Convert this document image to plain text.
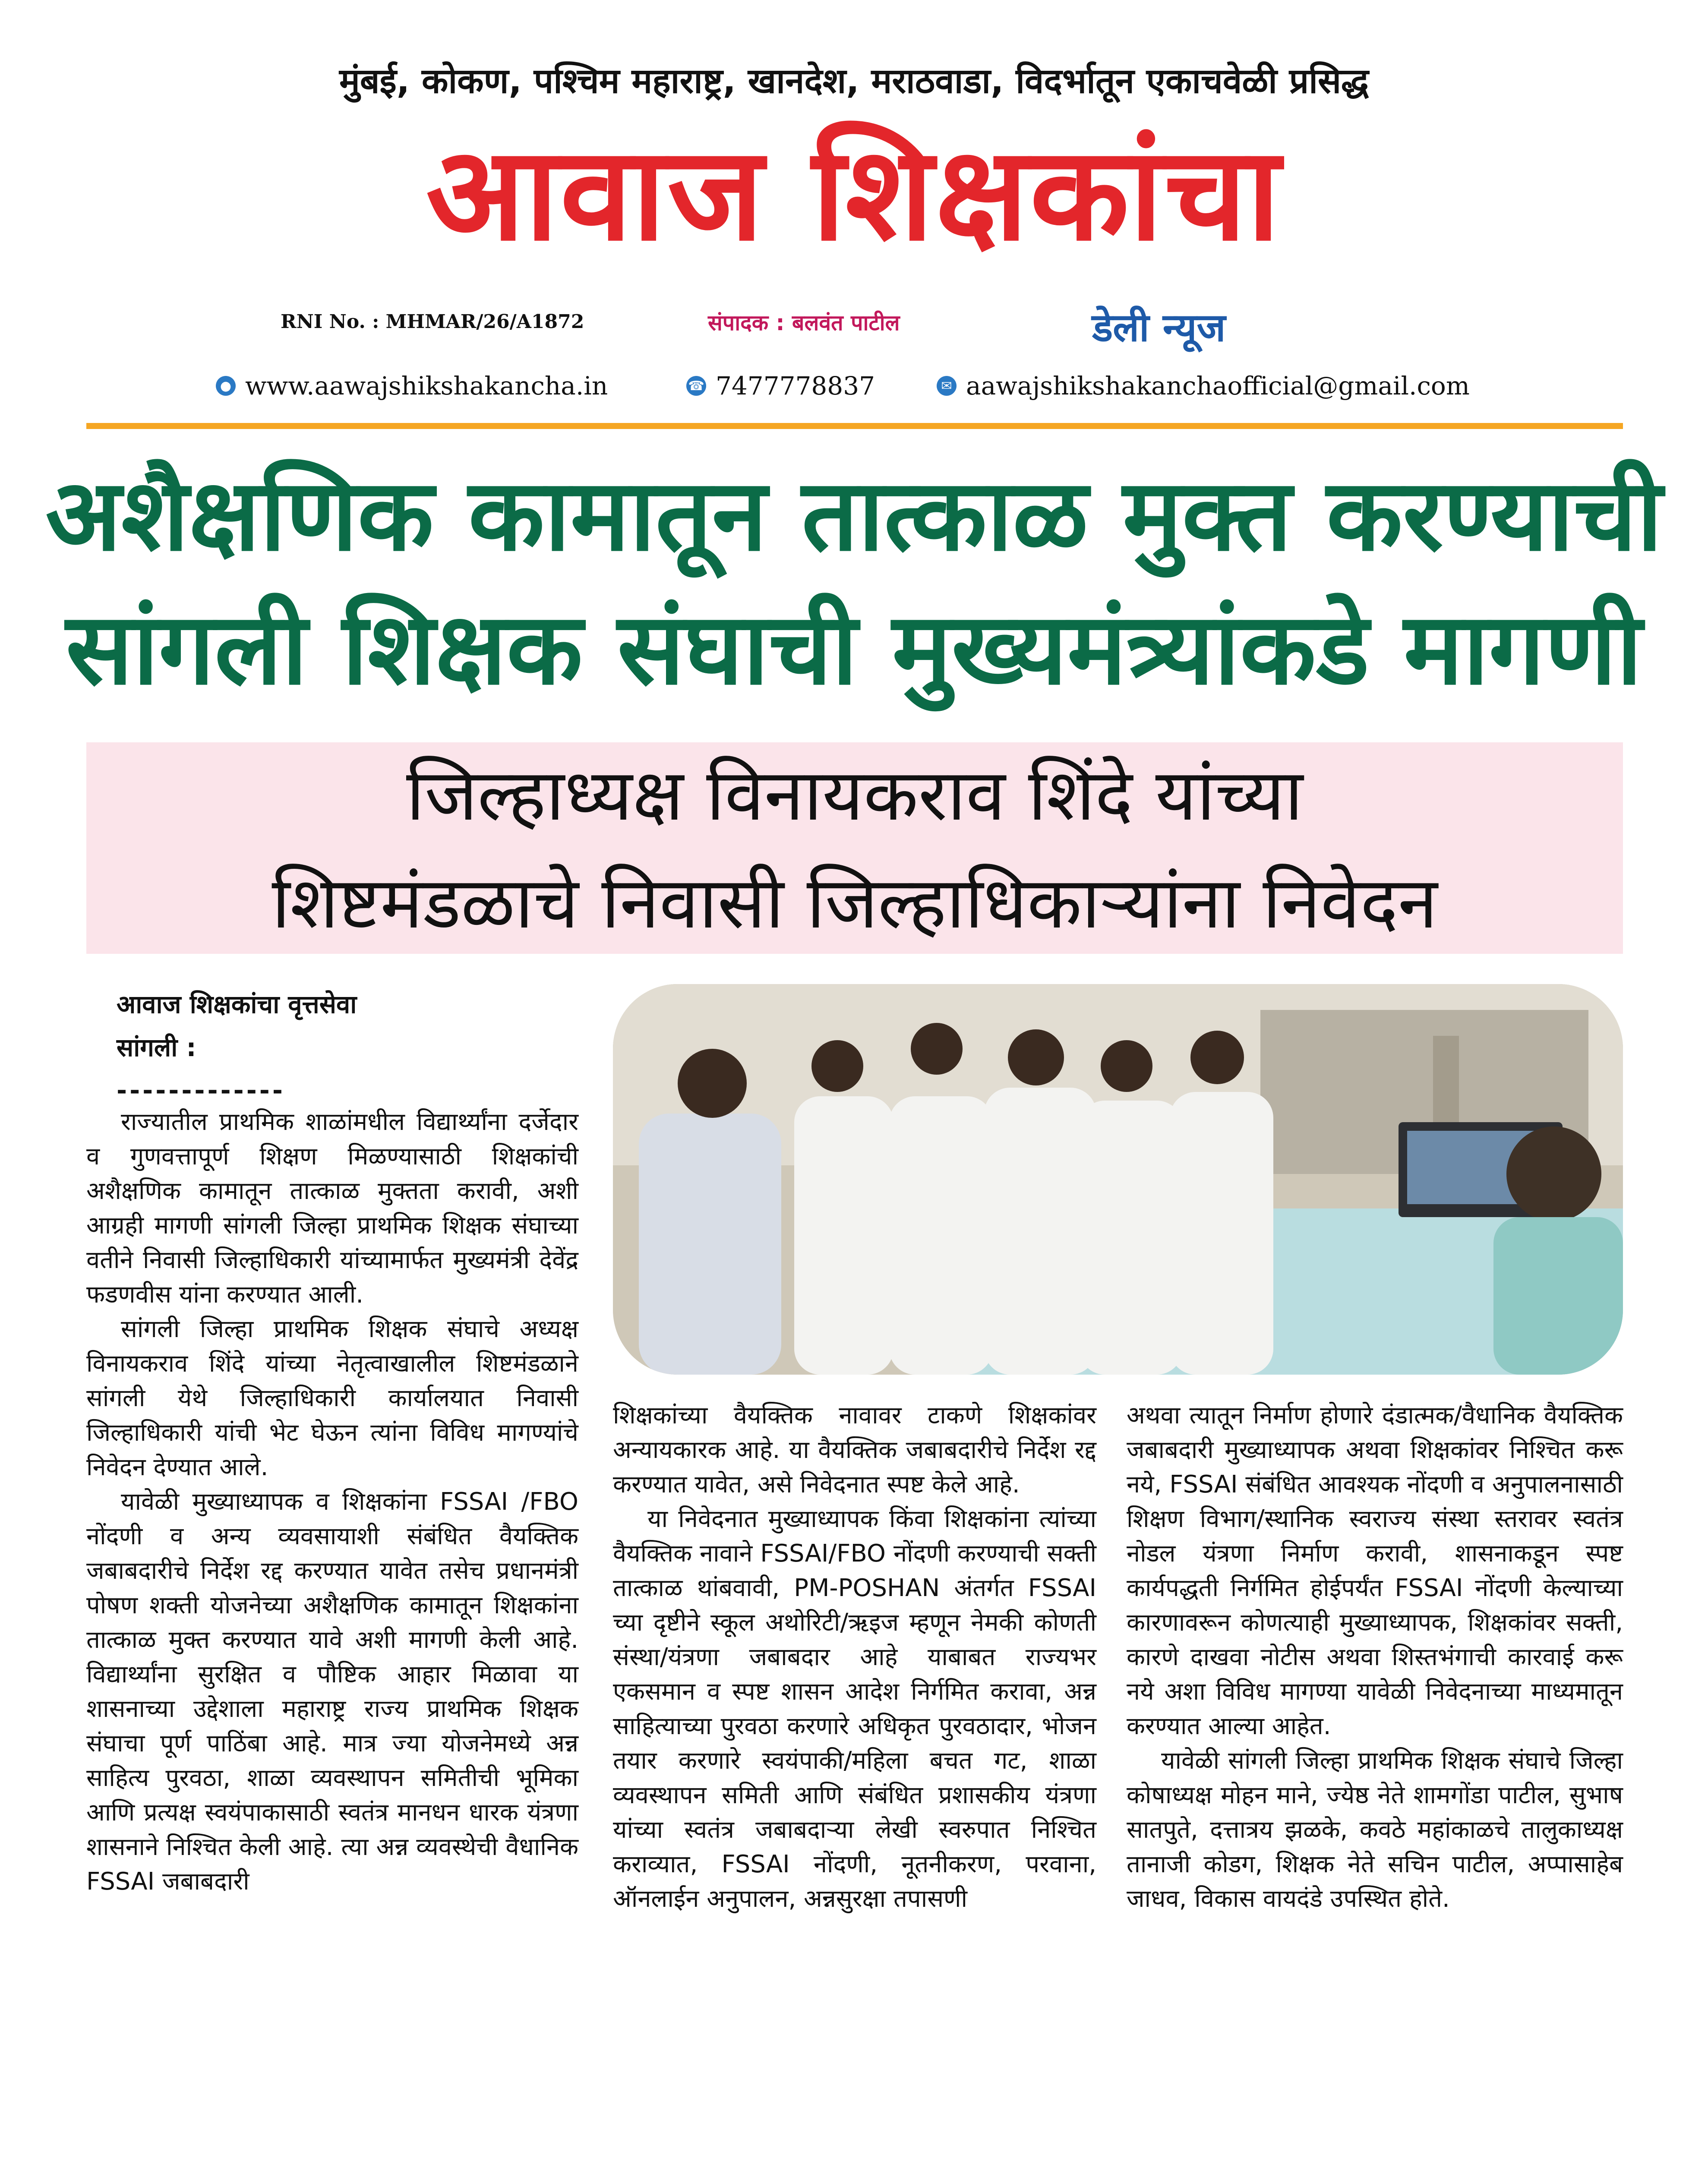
मुंबई, कोकण, पश्चिम महाराष्ट्र, खानदेश, मराठवाडा, विदर्भातून एकाचवेळी प्रसिद्ध
आवाज शिक्षकांचा
RNI No. : MHMAR/26/A1872	संपादक : बलवंत पाटील	डेली न्यूज
● www.aawajshikshakancha.in	☎ 7477778837	✉ aawajshikshakanchaofficial@gmail.com
अशैक्षणिक कामातून तात्काळ मुक्त करण्याची
सांगली शिक्षक संघाची मुख्यमंत्र्यांकडे मागणी
जिल्हाध्यक्ष विनायकराव शिंदे यांच्या
शिष्टमंडळाचे निवासी जिल्हाधिकाऱ्यांना निवेदन
आवाज शिक्षकांचा वृत्तसेवा
सांगली :
-------------

राज्यातील प्राथमिक शाळांमधील विद्यार्थ्यांना दर्जेदार व गुणवत्तापूर्ण शिक्षण मिळण्यासाठी शिक्षकांची अशैक्षणिक कामातून तात्काळ मुक्तता करावी, अशी आग्रही मागणी सांगली जिल्हा प्राथमिक शिक्षक संघाच्या वतीने निवासी जिल्हाधिकारी यांच्यामार्फत मुख्यमंत्री देवेंद्र फडणवीस यांना करण्यात आली.

सांगली जिल्हा प्राथमिक शिक्षक संघाचे अध्यक्ष विनायकराव शिंदे यांच्या नेतृत्वाखालील शिष्टमंडळाने सांगली येथे जिल्हाधिकारी कार्यालयात निवासी जिल्हाधिकारी यांची भेट घेऊन त्यांना विविध मागण्यांचे निवेदन देण्यात आले.

यावेळी मुख्याध्यापक व शिक्षकांना FSSAI /FBO नोंदणी व अन्य व्यवसायाशी संबंधित वैयक्तिक जबाबदारीचे निर्देश रद्द करण्यात यावेत तसेच प्रधानमंत्री पोषण शक्ती योजनेच्या अशैक्षणिक कामातून शिक्षकांना तात्काळ मुक्त करण्यात यावे अशी मागणी केली आहे. विद्यार्थ्यांना सुरक्षित व पौष्टिक आहार मिळावा या शासनाच्या उद्देशाला महाराष्ट्र राज्य प्राथमिक शिक्षक संघाचा पूर्ण पाठिंबा आहे. मात्र ज्या योजनेमध्ये अन्न साहित्य पुरवठा, शाळा व्यवस्थापन समितीची भूमिका आणि प्रत्यक्ष स्वयंपाकासाठी स्वतंत्र मानधन धारक यंत्रणा शासनाने निश्चित केली आहे. त्या अन्न व्यवस्थेची वैधानिक FSSAI जबाबदारी

शिक्षकांच्या वैयक्तिक नावावर टाकणे शिक्षकांवर अन्यायकारक आहे. या वैयक्तिक जबाबदारीचे निर्देश रद्द करण्यात यावेत, असे निवेदनात स्पष्ट केले आहे.

या निवेदनात मुख्याध्यापक किंवा शिक्षकांना त्यांच्या वैयक्तिक नावाने FSSAI/FBO नोंदणी करण्याची सक्ती तात्काळ थांबवावी, PM-POSHAN अंतर्गत FSSAI च्या दृष्टीने स्कूल अथोरिटी/ऋइज म्हणून नेमकी कोणती संस्था/यंत्रणा जबाबदार आहे याबाबत राज्यभर एकसमान व स्पष्ट शासन आदेश निर्गमित करावा, अन्न साहित्याच्या पुरवठा करणारे अधिकृत पुरवठादार, भोजन तयार करणारे स्वयंपाकी/महिला बचत गट, शाळा व्यवस्थापन समिती आणि संबंधित प्रशासकीय यंत्रणा यांच्या स्वतंत्र जबाबदाऱ्या लेखी स्वरुपात निश्चित कराव्यात, FSSAI नोंदणी, नूतनीकरण, परवाना, ऑनलाईन अनुपालन, अन्नसुरक्षा तपासणी

अथवा त्यातून निर्माण होणारे दंडात्मक/वैधानिक वैयक्तिक जबाबदारी मुख्याध्यापक अथवा शिक्षकांवर निश्चित करू नये, FSSAI संबंधित आवश्यक नोंदणी व अनुपालनासाठी शिक्षण विभाग/स्थानिक स्वराज्य संस्था स्तरावर स्वतंत्र नोडल यंत्रणा निर्माण करावी, शासनाकडून स्पष्ट कार्यपद्धती निर्गमित होईपर्यंत FSSAI नोंदणी केल्याच्या कारणावरून कोणत्याही मुख्याध्यापक, शिक्षकांवर सक्ती, कारणे दाखवा नोटीस अथवा शिस्तभंगाची कारवाई करू नये अशा विविध मागण्या यावेळी निवेदनाच्या माध्यमातून करण्यात आल्या आहेत.

यावेळी सांगली जिल्हा प्राथमिक शिक्षक संघाचे जिल्हा कोषाध्यक्ष मोहन माने, ज्येष्ठ नेते शामगोंडा पाटील, सुभाष सातपुते, दत्तात्रय झळके, कवठे महांकाळचे तालुकाध्यक्ष तानाजी कोडग, शिक्षक नेते सचिन पाटील, अप्पासाहेब जाधव, विकास वायदंडे उपस्थित होते.
